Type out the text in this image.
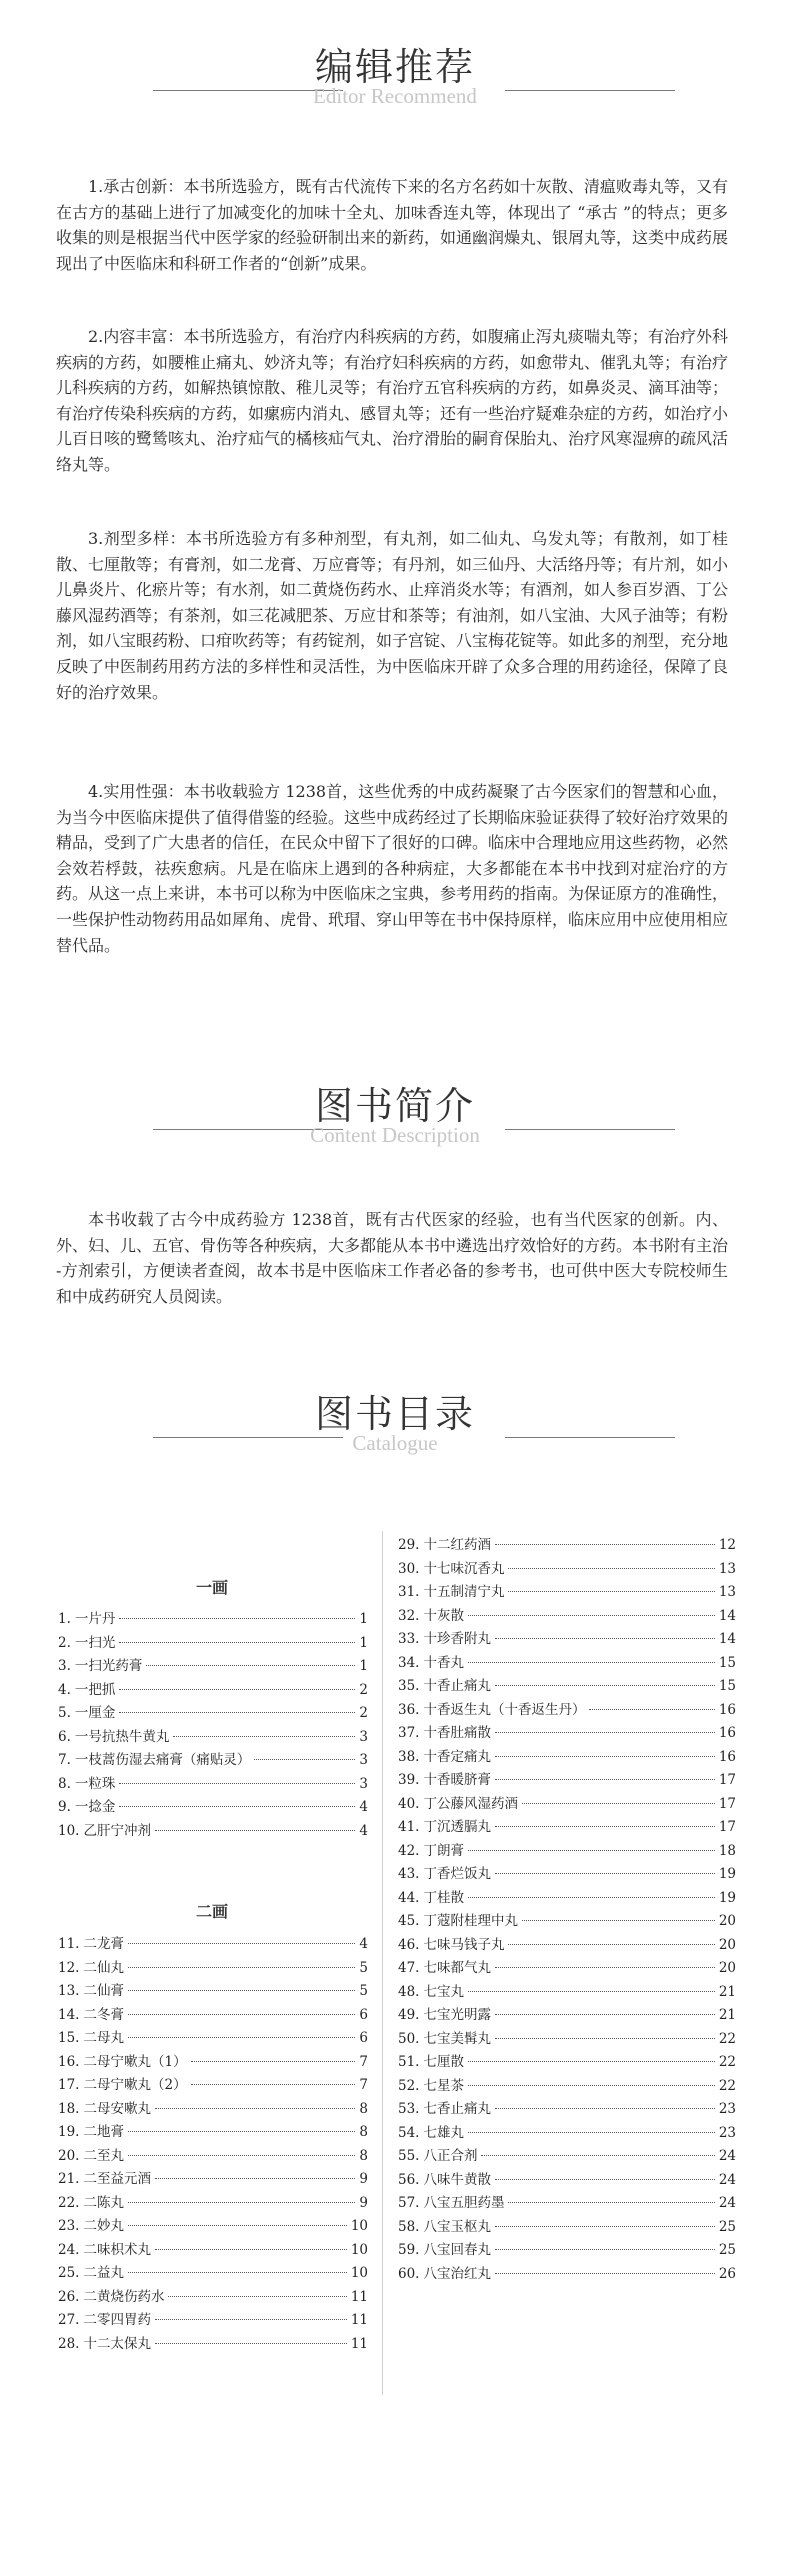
编辑推荐
Editor Recommend

1.承古创新：本书所选验方，既有古代流传下来的名方名药如十灰散、清瘟败毒丸等，又有在古方的基础上进行了加减变化的加味十全丸、加味香连丸等，体现出了 “承古 ”的特点；更多收集的则是根据当代中医学家的经验研制出来的新药，如通幽润燥丸、银屑丸等，这类中成药展现出了中医临床和科研工作者的“创新”成果。

2.内容丰富：本书所选验方，有治疗内科疾病的方药，如腹痛止泻丸痰喘丸等；有治疗外科疾病的方药，如腰椎止痛丸、妙济丸等；有治疗妇科疾病的方药，如愈带丸、催乳丸等；有治疗儿科疾病的方药，如解热镇惊散、稚儿灵等；有治疗五官科疾病的方药，如鼻炎灵、滴耳油等；有治疗传染科疾病的方药，如瘰疬内消丸、感冒丸等；还有一些治疗疑难杂症的方药，如治疗小儿百日咳的鹭鸶咳丸、治疗疝气的橘核疝气丸、治疗滑胎的嗣育保胎丸、治疗风寒湿痹的疏风活络丸等。

3.剂型多样：本书所选验方有多种剂型，有丸剂，如二仙丸、乌发丸等；有散剂，如丁桂散、七厘散等；有膏剂，如二龙膏、万应膏等；有丹剂，如三仙丹、大活络丹等；有片剂，如小儿鼻炎片、化瘀片等；有水剂，如二黄烧伤药水、止痒消炎水等；有酒剂，如人参百岁酒、丁公藤风湿药酒等；有茶剂，如三花减肥茶、万应甘和茶等；有油剂，如八宝油、大风子油等；有粉剂，如八宝眼药粉、口疳吹药等；有药锭剂，如子宫锭、八宝梅花锭等。如此多的剂型，充分地反映了中医制药用药方法的多样性和灵活性，为中医临床开辟了众多合理的用药途径，保障了良好的治疗效果。

4.实用性强：本书收载验方 1238首，这些优秀的中成药凝聚了古今医家们的智慧和心血，为当今中医临床提供了值得借鉴的经验。这些中成药经过了长期临床验证获得了较好治疗效果的精品，受到了广大患者的信任，在民众中留下了很好的口碑。临床中合理地应用这些药物，必然会效若桴鼓，祛疾愈病。凡是在临床上遇到的各种病症，大多都能在本书中找到对症治疗的方药。从这一点上来讲，本书可以称为中医临床之宝典，参考用药的指南。为保证原方的准确性，一些保护性动物药用品如犀角、虎骨、玳瑁、穿山甲等在书中保持原样，临床应用中应使用相应替代品。

图书简介
Content Description

本书收载了古今中成药验方 1238首，既有古代医家的经验，也有当代医家的创新。内、外、妇、儿、五官、骨伤等各种疾病，大多都能从本书中遴选出疗效恰好的方药。本书附有主治 -方剂索引，方便读者查阅，故本书是中医临床工作者必备的参考书，也可供中医大专院校师生和中成药研究人员阅读。

图书目录
Catalogue
一画
1. 一片丹	1
2. 一扫光	1
3. 一扫光药膏	1
4. 一把抓	2
5. 一厘金	2
6. 一号抗热牛黄丸	3
7. 一枝蒿伤湿去痛膏（痛贴灵）	3
8. 一粒珠	3
9. 一捻金	4
10. 乙肝宁冲剂	4
二画
11. 二龙膏	4
12. 二仙丸	5
13. 二仙膏	5
14. 二冬膏	6
15. 二母丸	6
16. 二母宁嗽丸（1）	7
17. 二母宁嗽丸（2）	7
18. 二母安嗽丸	8
19. 二地膏	8
20. 二至丸	8
21. 二至益元酒	9
22. 二陈丸	9
23. 二妙丸	10
24. 二味枳术丸	10
25. 二益丸	10
26. 二黄烧伤药水	11
27. 二零四胃药	11
28. 十二太保丸	11
29. 十二红药酒	12
30. 十七味沉香丸	13
31. 十五制清宁丸	13
32. 十灰散	14
33. 十珍香附丸	14
34. 十香丸	15
35. 十香止痛丸	15
36. 十香返生丸（十香返生丹）	16
37. 十香肚痛散	16
38. 十香定痛丸	16
39. 十香暖脐膏	17
40. 丁公藤风湿药酒	17
41. 丁沉透膈丸	17
42. 丁朗膏	18
43. 丁香烂饭丸	19
44. 丁桂散	19
45. 丁蔻附桂理中丸	20
46. 七味马钱子丸	20
47. 七味都气丸	20
48. 七宝丸	21
49. 七宝光明露	21
50. 七宝美髯丸	22
51. 七厘散	22
52. 七星茶	22
53. 七香止痛丸	23
54. 七雄丸	23
55. 八正合剂	24
56. 八味牛黄散	24
57. 八宝五胆药墨	24
58. 八宝玉枢丸	25
59. 八宝回春丸	25
60. 八宝治红丸	26
